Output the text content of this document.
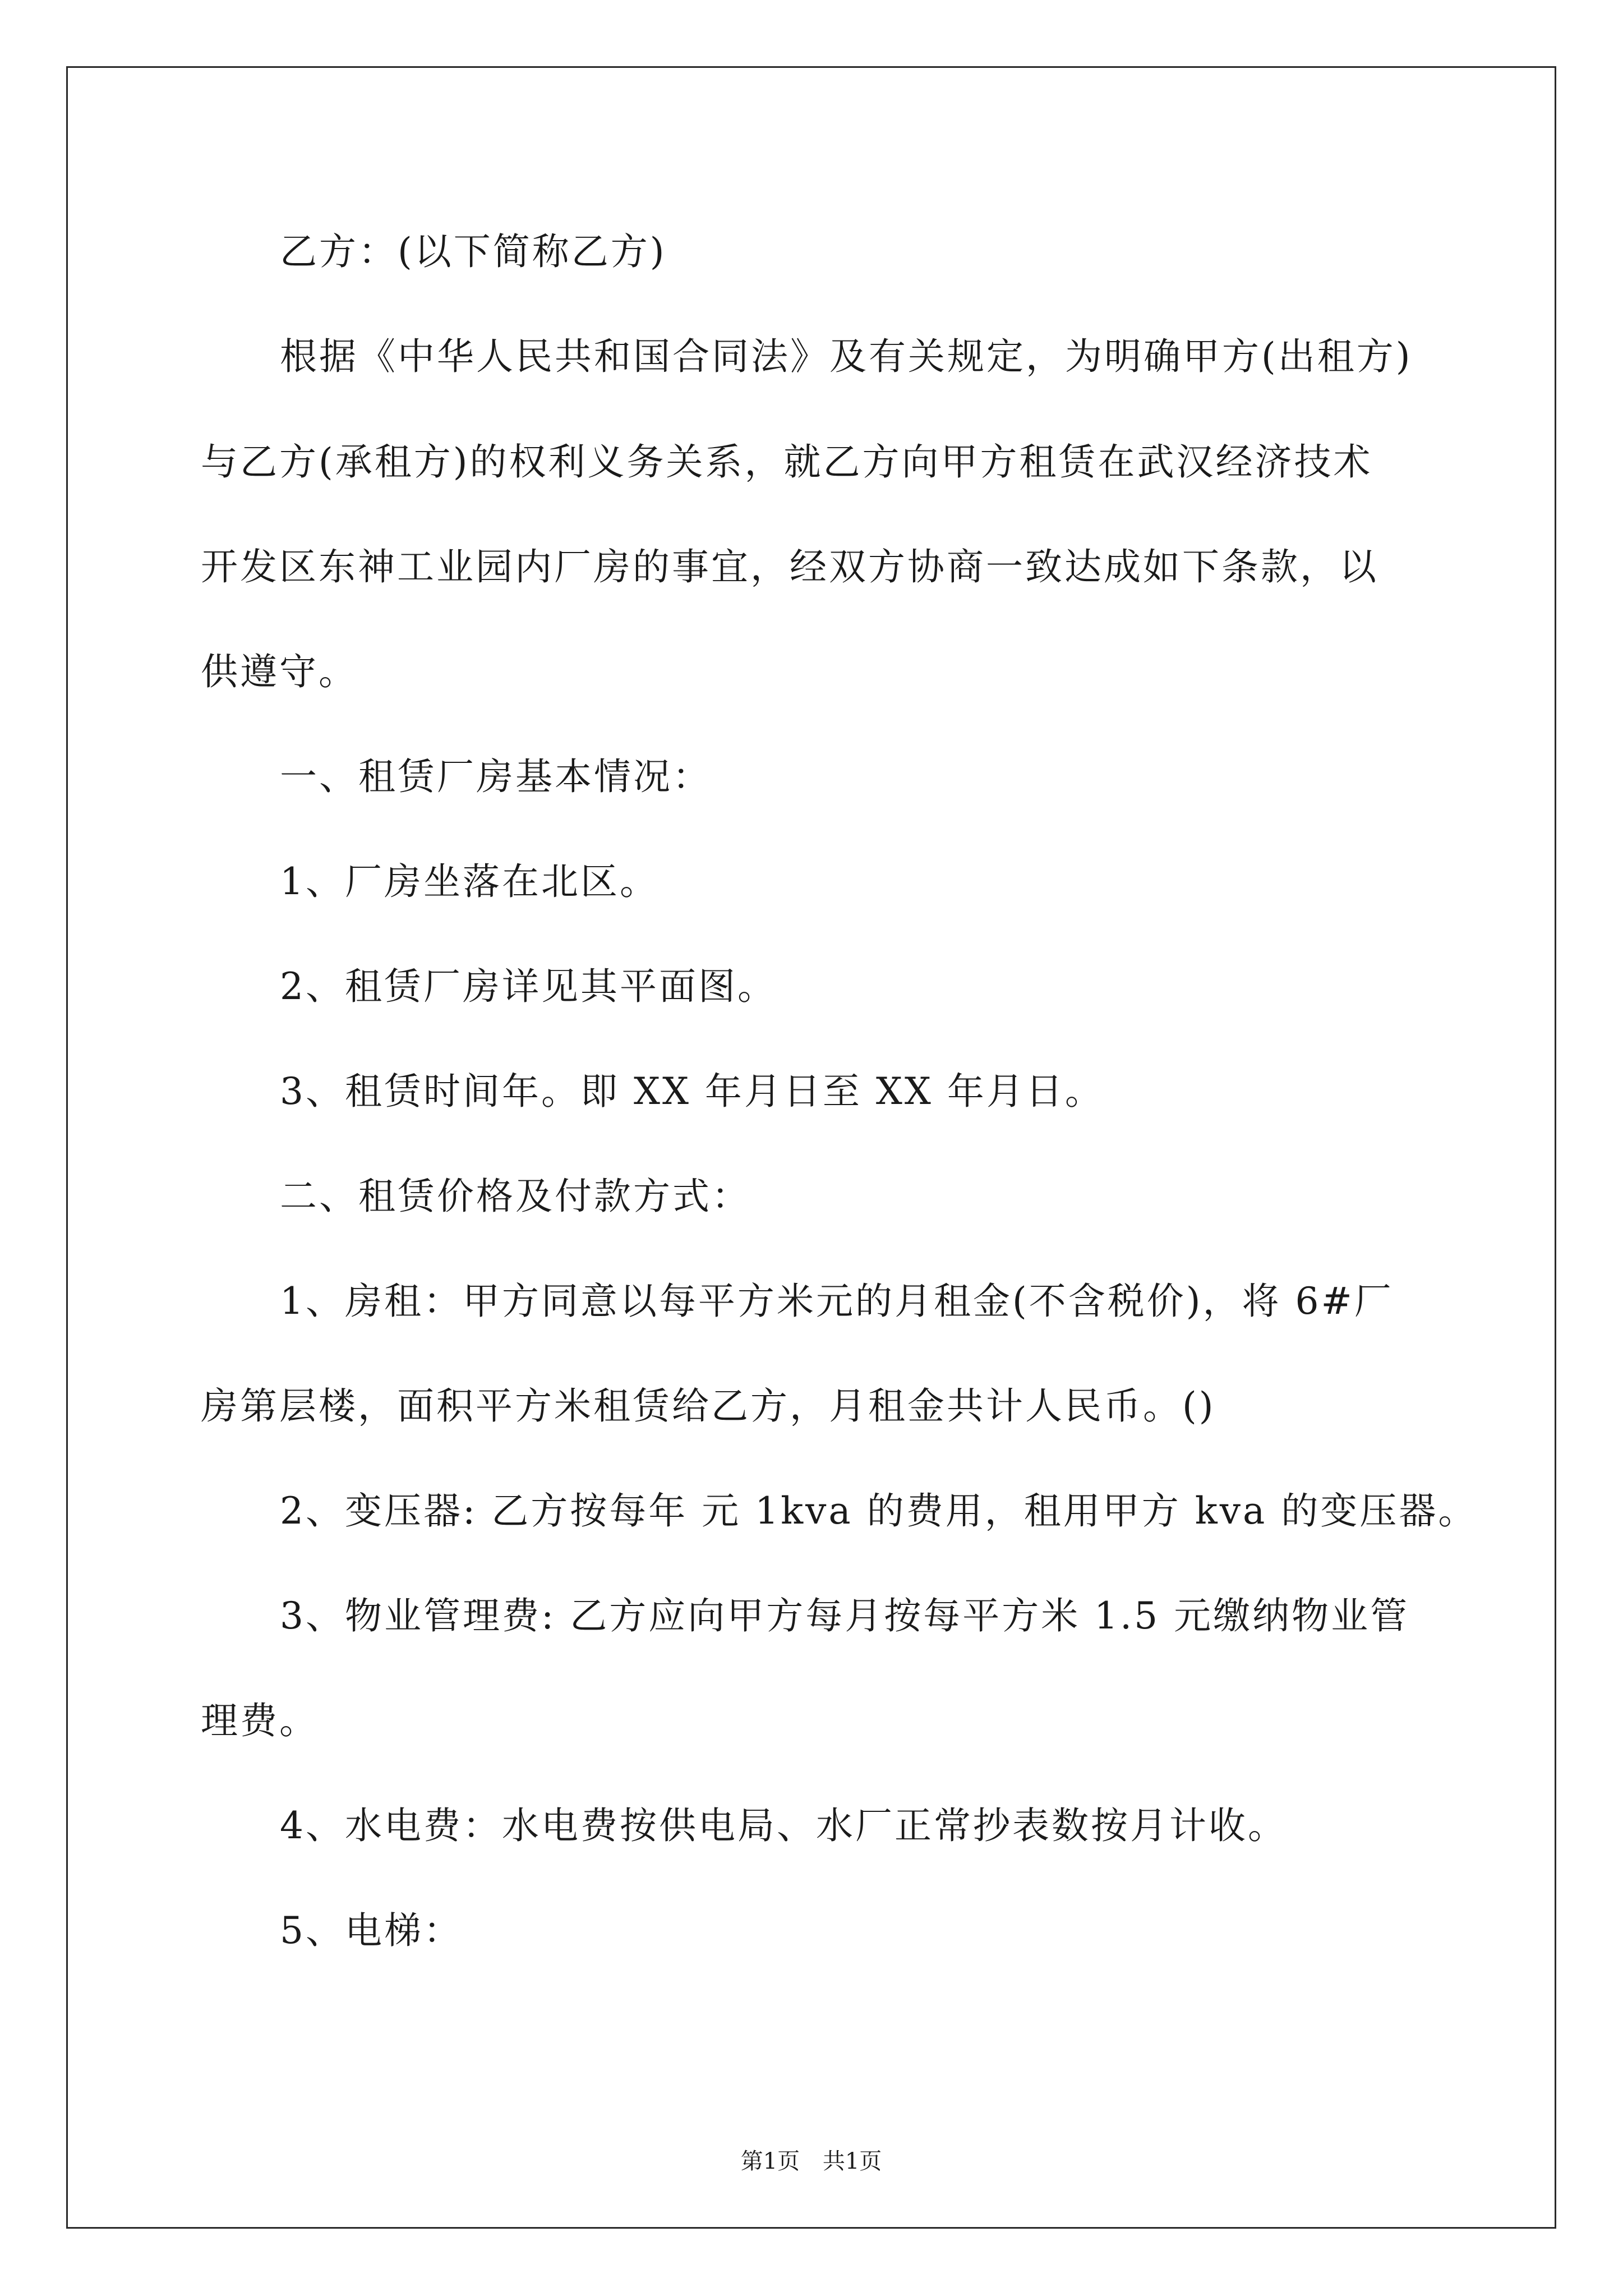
乙方：(以下简称乙方)
根据《中华人民共和国合同法》及有关规定，为明确甲方(出租方)
与乙方(承租方)的权利义务关系，就乙方向甲方租赁在武汉经济技术
开发区东神工业园内厂房的事宜，经双方协商一致达成如下条款，以
供遵守。
一、租赁厂房基本情况：
1、厂房坐落在北区。
2、租赁厂房详见其平面图。
3、租赁时间年。即 XX 年月日至 XX 年月日。
二、租赁价格及付款方式：
1、房租：甲方同意以每平方米元的月租金(不含税价)，将 6#厂
房第层楼，面积平方米租赁给乙方，月租金共计人民币。()
2、变压器: 乙方按每年 元 1kva 的费用，租用甲方 kva 的变压器。
3、物业管理费: 乙方应向甲方每月按每平方米 1.5 元缴纳物业管
理费。
4、水电费：水电费按供电局、水厂正常抄表数按月计收。
5、电梯：
第1页 共1页
